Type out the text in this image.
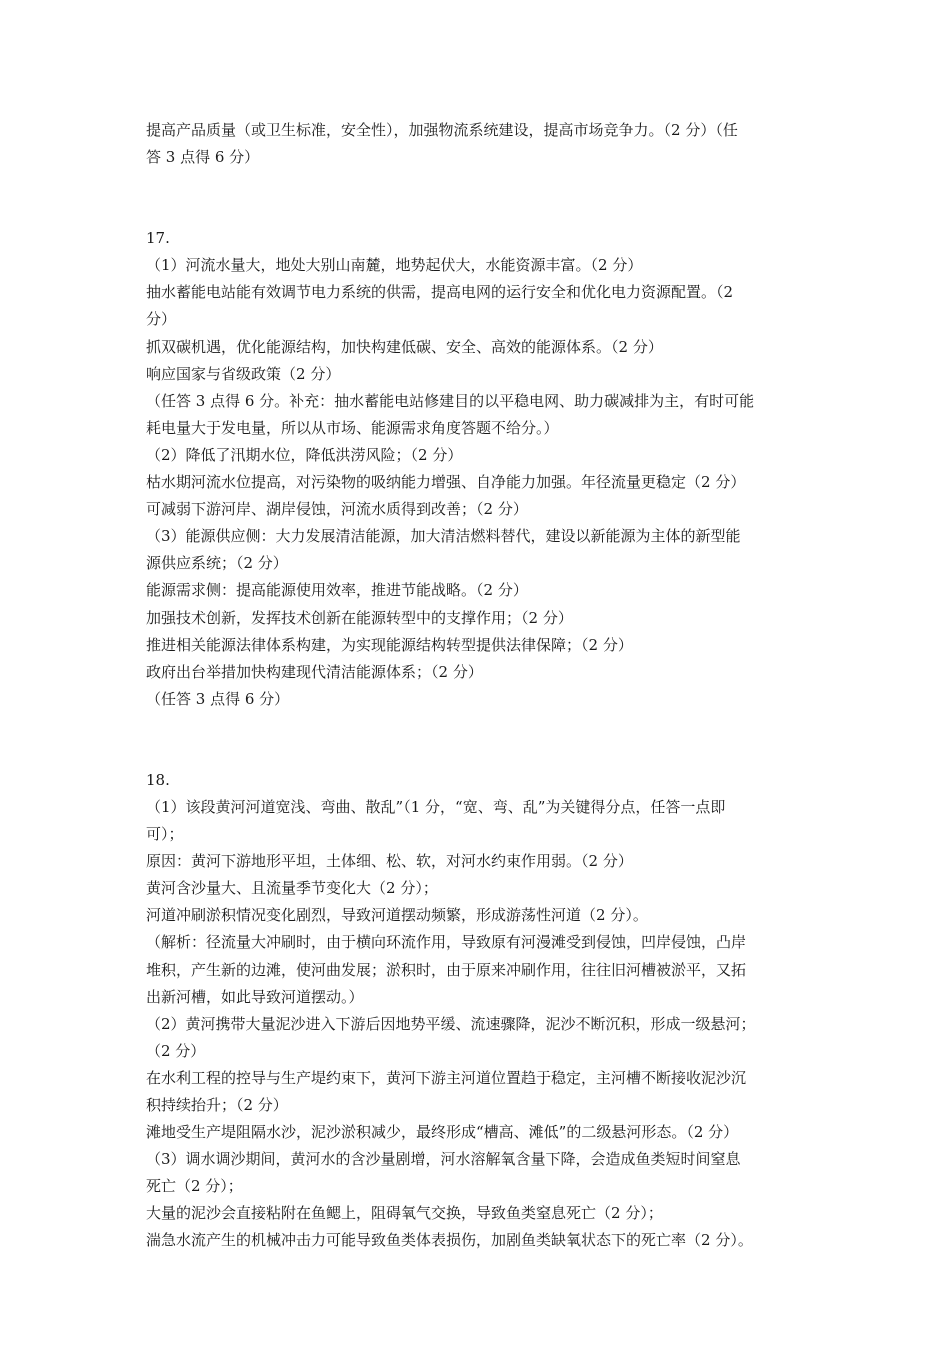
提高产品质量（或卫生标准，安全性），加强物流系统建设，提高市场竞争力。（2 分）（任

答 3 点得 6 分）

17.

（1）河流水量大，地处大别山南麓，地势起伏大，水能资源丰富。（2 分）

抽水蓄能电站能有效调节电力系统的供需，提高电网的运行安全和优化电力资源配置。（2

分）

抓双碳机遇，优化能源结构，加快构建低碳、安全、高效的能源体系。（2 分）

响应国家与省级政策（2 分）

（任答 3 点得 6 分。补充：抽水蓄能电站修建目的以平稳电网、助力碳减排为主，有时可能

耗电量大于发电量，所以从市场、能源需求角度答题不给分。）

（2）降低了汛期水位，降低洪涝风险；（2 分）

枯水期河流水位提高，对污染物的吸纳能力增强、自净能力加强。年径流量更稳定（2 分）

可减弱下游河岸、湖岸侵蚀，河流水质得到改善；（2 分）

（3）能源供应侧：大力发展清洁能源，加大清洁燃料替代，建设以新能源为主体的新型能

源供应系统；（2 分）

能源需求侧：提高能源使用效率，推进节能战略。（2 分）

加强技术创新，发挥技术创新在能源转型中的支撑作用；（2 分）

推进相关能源法律体系构建，为实现能源结构转型提供法律保障；（2 分）

政府出台举措加快构建现代清洁能源体系；（2 分）

（任答 3 点得 6 分）

18.

（1）该段黄河河道宽浅、弯曲、散乱”（1 分，“宽、弯、乱”为关键得分点，任答一点即

可）；

原因：黄河下游地形平坦，土体细、松、软，对河水约束作用弱。（2 分）

黄河含沙量大、且流量季节变化大（2 分）；

河道冲刷淤积情况变化剧烈，导致河道摆动频繁，形成游荡性河道（2 分）。

（解析：径流量大冲刷时，由于横向环流作用，导致原有河漫滩受到侵蚀，凹岸侵蚀，凸岸

堆积，产生新的边滩，使河曲发展；淤积时，由于原来冲刷作用，往往旧河槽被淤平，又拓

出新河槽，如此导致河道摆动。）

（2）黄河携带大量泥沙进入下游后因地势平缓、流速骤降，泥沙不断沉积，形成一级悬河；

（2 分）

在水利工程的控导与生产堤约束下，黄河下游主河道位置趋于稳定，主河槽不断接收泥沙沉

积持续抬升；（2 分）

滩地受生产堤阻隔水沙，泥沙淤积减少，最终形成“槽高、滩低”的二级悬河形态。（2 分）

（3）调水调沙期间，黄河水的含沙量剧增，河水溶解氧含量下降，会造成鱼类短时间窒息

死亡（2 分）；

大量的泥沙会直接粘附在鱼鳃上，阻碍氧气交换，导致鱼类窒息死亡（2 分）；

湍急水流产生的机械冲击力可能导致鱼类体表损伤，加剧鱼类缺氧状态下的死亡率（2 分）。
